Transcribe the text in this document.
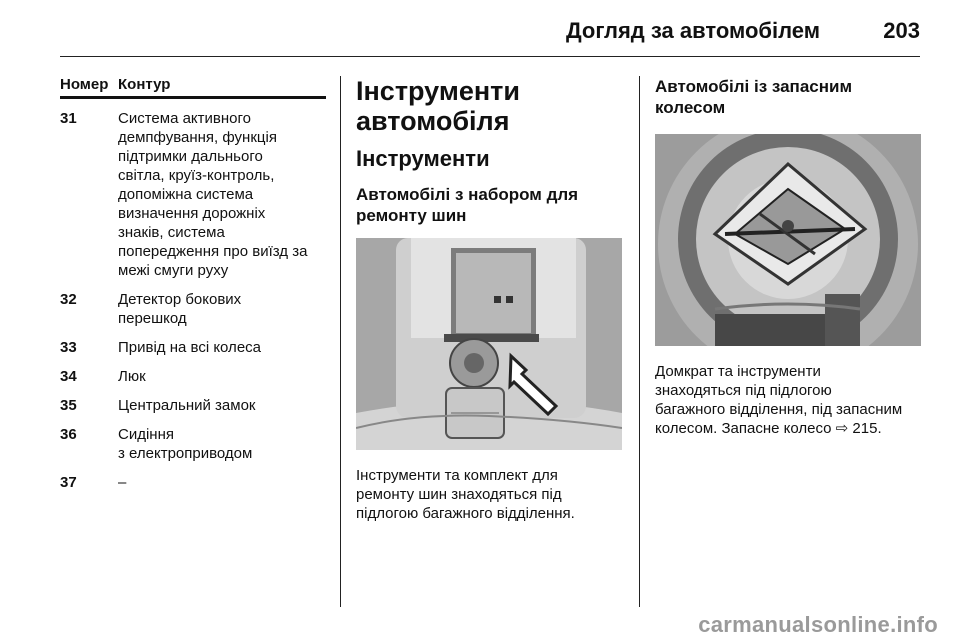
Догляд за автомобілем	203
Номер Контур
31	Система активного
демпфування, функція
підтримки дальнього
світла, круїз-контроль,
допоміжна система
визначення дорожніх
знаків, система
попередження про виїзд за
межі смуги руху
32	Детектор бокових
перешкод
33	Привід на всі колеса
34	Люк
35	Центральний замок
36	Сидіння
з електроприводом
37	–
Інструменти автомобіля
Інструменти
Автомобілі з набором для
ремонту шин
Інструменти та комплект для
ремонту шин знаходяться під
підлогою багажного відділення.
Автомобілі із запасним
колесом
Домкрат та інструменти
знаходяться під підлогою
багажного відділення, під запасним
колесом. Запасне колесо ⇨ 215.
carmanualsonline.info
